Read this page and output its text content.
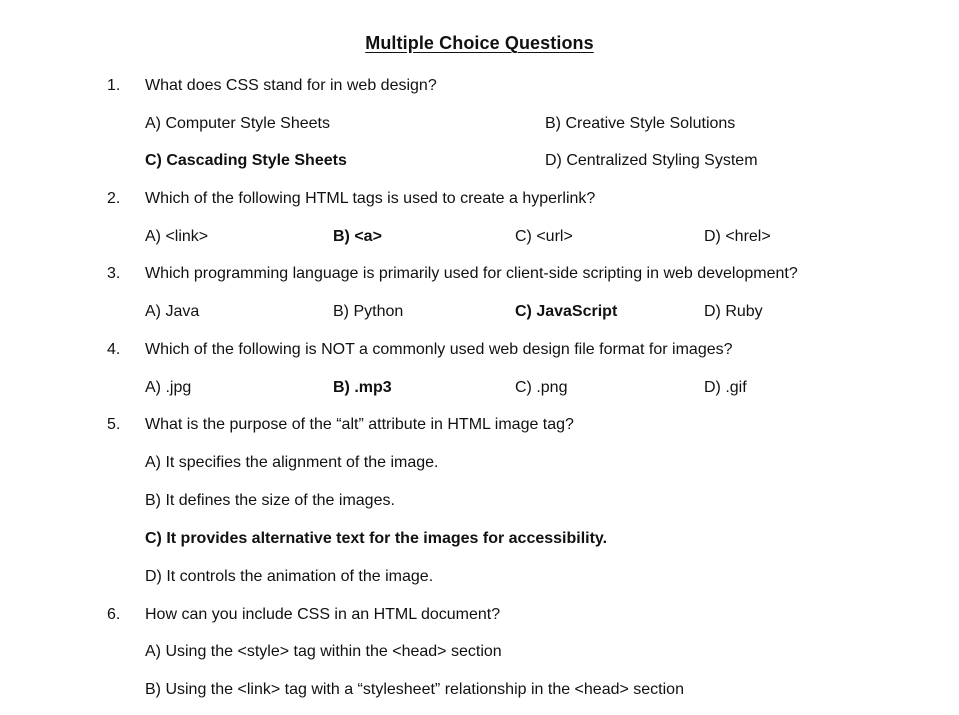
Multiple Choice Questions
1. What does CSS stand for in web design?
A) Computer Style Sheets	B) Creative Style Solutions
C) Cascading Style Sheets	D) Centralized Styling System
2. Which of the following HTML tags is used to create a hyperlink?
A) <link>	B) <a>	C) <url>	D) <hrel>
3. Which programming language is primarily used for client-side scripting in web development?
A) Java	B) Python	C) JavaScript	D) Ruby
4. Which of the following is NOT a commonly used web design file format for images?
A) .jpg	B) .mp3	C) .png	D) .gif
5. What is the purpose of the “alt” attribute in HTML image tag?
A) It specifies the alignment of the image.
B) It defines the size of the images.
C) It provides alternative text for the images for accessibility.
D) It controls the animation of the image.
6. How can you include CSS in an HTML document?
A) Using the <style> tag within the <head> section
B) Using the <link> tag with a “stylesheet” relationship in the <head> section
